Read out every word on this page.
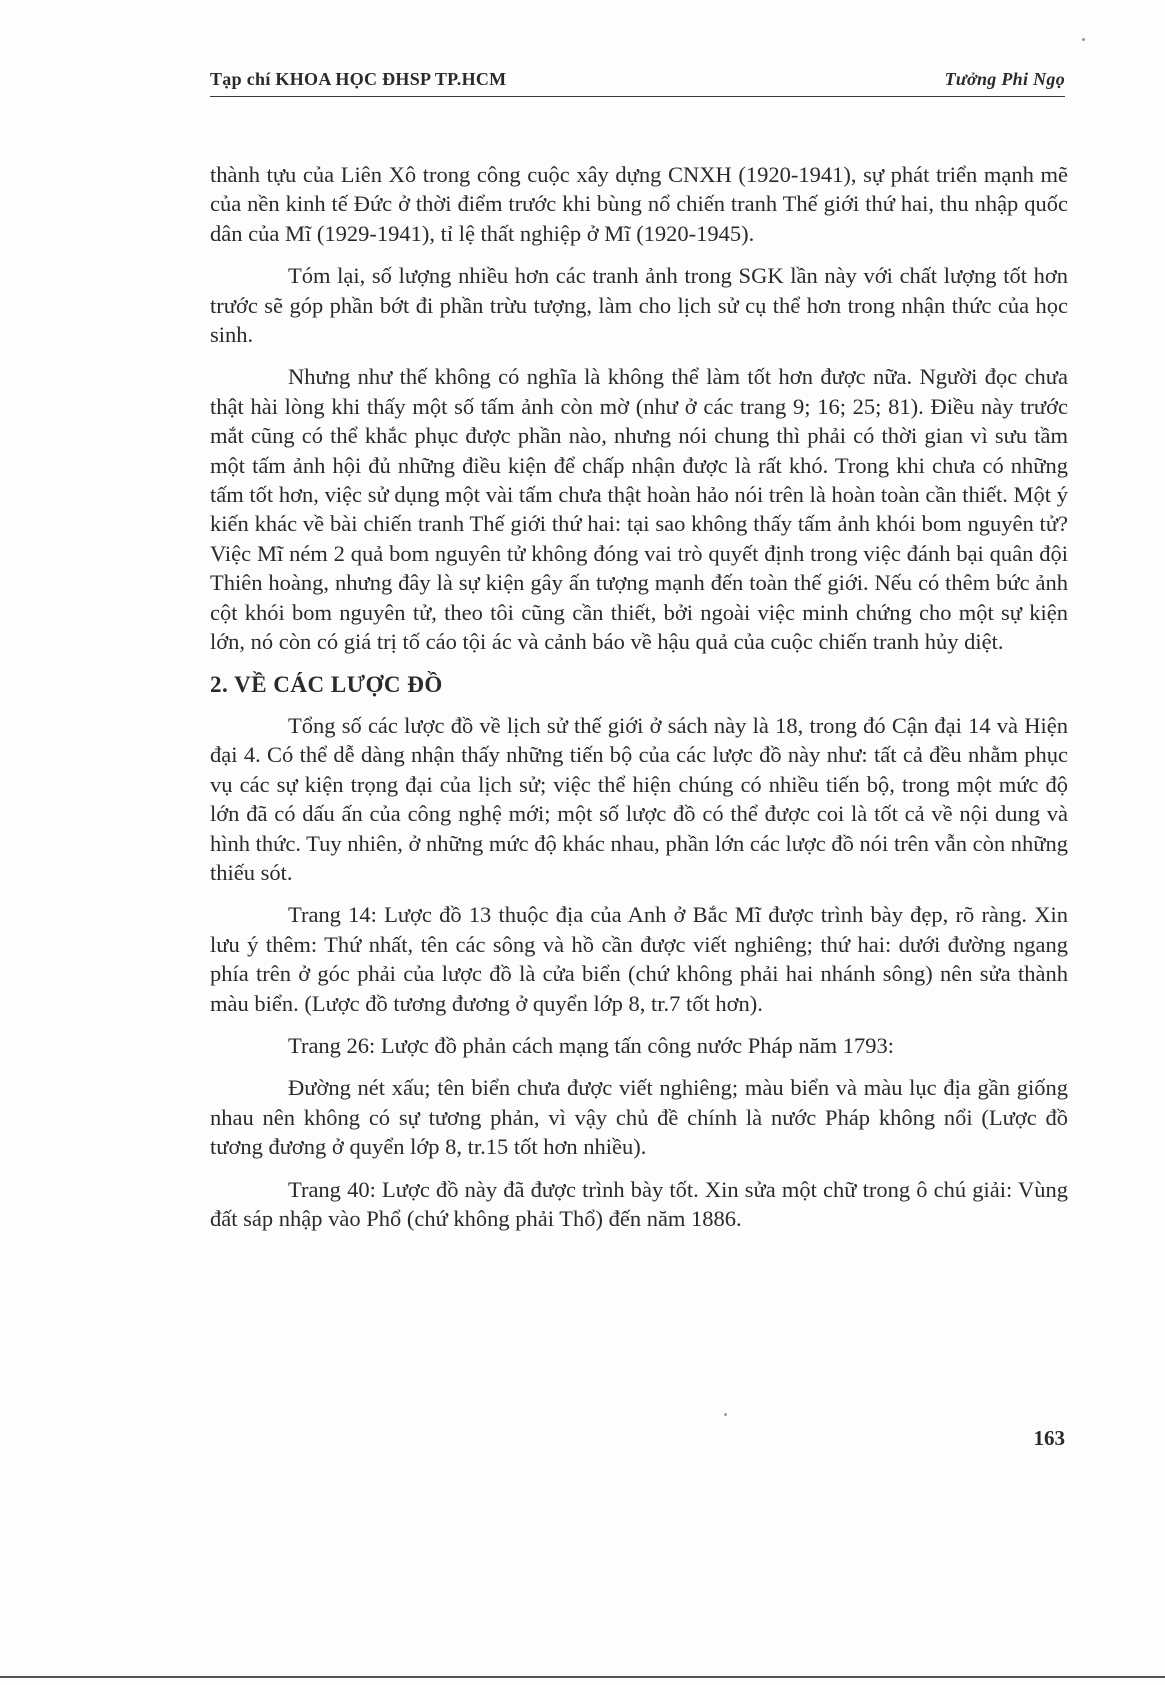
Tạp chí KHOA HỌC ĐHSP TP.HCM	Tưởng Phi Ngọ

thành tựu của Liên Xô trong công cuộc xây dựng CNXH (1920-1941), sự phát triển mạnh mẽ của nền kinh tế Đức ở thời điểm trước khi bùng nổ chiến tranh Thế giới thứ hai, thu nhập quốc dân của Mĩ (1929-1941), tỉ lệ thất nghiệp ở Mĩ (1920-1945).

Tóm lại, số lượng nhiều hơn các tranh ảnh trong SGK lần này với chất lượng tốt hơn trước sẽ góp phần bớt đi phần trừu tượng, làm cho lịch sử cụ thể hơn trong nhận thức của học sinh.

Nhưng như thế không có nghĩa là không thể làm tốt hơn được nữa. Người đọc chưa thật hài lòng khi thấy một số tấm ảnh còn mờ (như ở các trang 9; 16; 25; 81). Điều này trước mắt cũng có thể khắc phục được phần nào, nhưng nói chung thì phải có thời gian vì sưu tầm một tấm ảnh hội đủ những điều kiện để chấp nhận được là rất khó. Trong khi chưa có những tấm tốt hơn, việc sử dụng một vài tấm chưa thật hoàn hảo nói trên là hoàn toàn cần thiết. Một ý kiến khác về bài chiến tranh Thế giới thứ hai: tại sao không thấy tấm ảnh khói bom nguyên tử? Việc Mĩ ném 2 quả bom nguyên tử không đóng vai trò quyết định trong việc đánh bại quân đội Thiên hoàng, nhưng đây là sự kiện gây ấn tượng mạnh đến toàn thế giới. Nếu có thêm bức ảnh cột khói bom nguyên tử, theo tôi cũng cần thiết, bởi ngoài việc minh chứng cho một sự kiện lớn, nó còn có giá trị tố cáo tội ác và cảnh báo về hậu quả của cuộc chiến tranh hủy diệt.

2. VỀ CÁC LƯỢC ĐỒ

Tổng số các lược đồ về lịch sử thế giới ở sách này là 18, trong đó Cận đại 14 và Hiện đại 4. Có thể dễ dàng nhận thấy những tiến bộ của các lược đồ này như: tất cả đều nhằm phục vụ các sự kiện trọng đại của lịch sử; việc thể hiện chúng có nhiều tiến bộ, trong một mức độ lớn đã có dấu ấn của công nghệ mới; một số lược đồ có thể được coi là tốt cả về nội dung và hình thức. Tuy nhiên, ở những mức độ khác nhau, phần lớn các lược đồ nói trên vẫn còn những thiếu sót.

Trang 14: Lược đồ 13 thuộc địa của Anh ở Bắc Mĩ được trình bày đẹp, rõ ràng. Xin lưu ý thêm: Thứ nhất, tên các sông và hồ cần được viết nghiêng; thứ hai: dưới đường ngang phía trên ở góc phải của lược đồ là cửa biển (chứ không phải hai nhánh sông) nên sửa thành màu biển. (Lược đồ tương đương ở quyển lớp 8, tr.7 tốt hơn).

Trang 26: Lược đồ phản cách mạng tấn công nước Pháp năm 1793:

Đường nét xấu; tên biển chưa được viết nghiêng; màu biển và màu lục địa gần giống nhau nên không có sự tương phản, vì vậy chủ đề chính là nước Pháp không nổi (Lược đồ tương đương ở quyển lớp 8, tr.15 tốt hơn nhiều).

Trang 40: Lược đồ này đã được trình bày tốt. Xin sửa một chữ trong ô chú giải: Vùng đất sáp nhập vào Phổ (chứ không phải Thổ) đến năm 1886.

163
